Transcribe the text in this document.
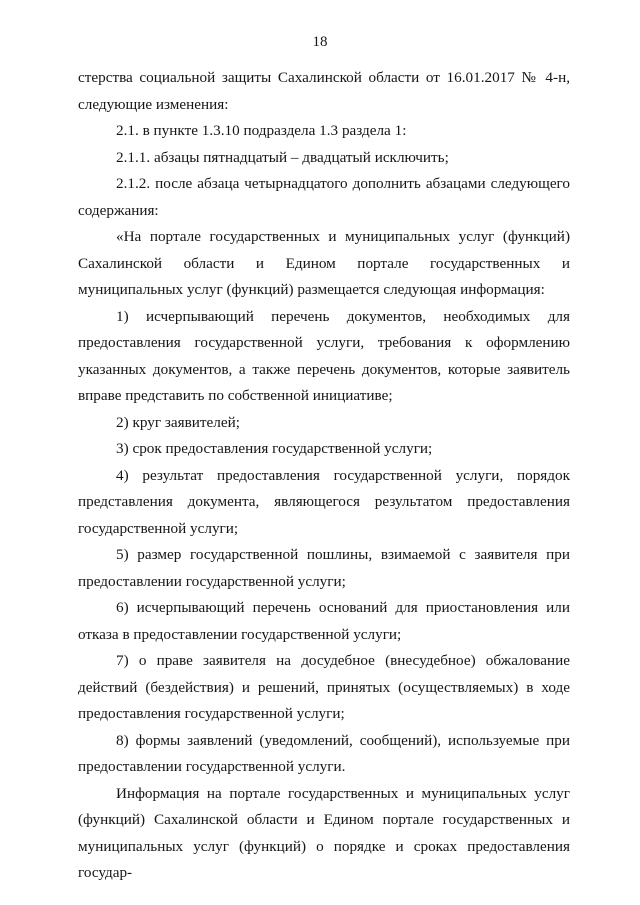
18

стерства социальной защиты Сахалинской области от 16.01.2017 № 4-н, следующие изменения:

2.1. в пункте 1.3.10 подраздела 1.3 раздела 1:

2.1.1. абзацы пятнадцатый – двадцатый исключить;

2.1.2. после абзаца четырнадцатого дополнить абзацами следующего содержания:

«На портале государственных и муниципальных услуг (функций) Сахалинской области и Едином портале государственных и муниципальных услуг (функций) размещается следующая информация:

1) исчерпывающий перечень документов, необходимых для предоставления государственной услуги, требования к оформлению указанных документов, а также перечень документов, которые заявитель вправе представить по собственной инициативе;

2) круг заявителей;

3) срок предоставления государственной услуги;

4) результат предоставления государственной услуги, порядок представления документа, являющегося результатом предоставления государственной услуги;

5) размер государственной пошлины, взимаемой с заявителя при предоставлении государственной услуги;

6) исчерпывающий перечень оснований для приостановления или отказа в предоставлении государственной услуги;

7) о праве заявителя на досудебное (внесудебное) обжалование действий (бездействия) и решений, принятых (осуществляемых) в ходе предоставления государственной услуги;

8) формы заявлений (уведомлений, сообщений), используемые при предоставлении государственной услуги.

Информация на портале государственных и муниципальных услуг (функций) Сахалинской области и Едином портале государственных и муниципальных услуг (функций) о порядке и сроках предоставления государ-
